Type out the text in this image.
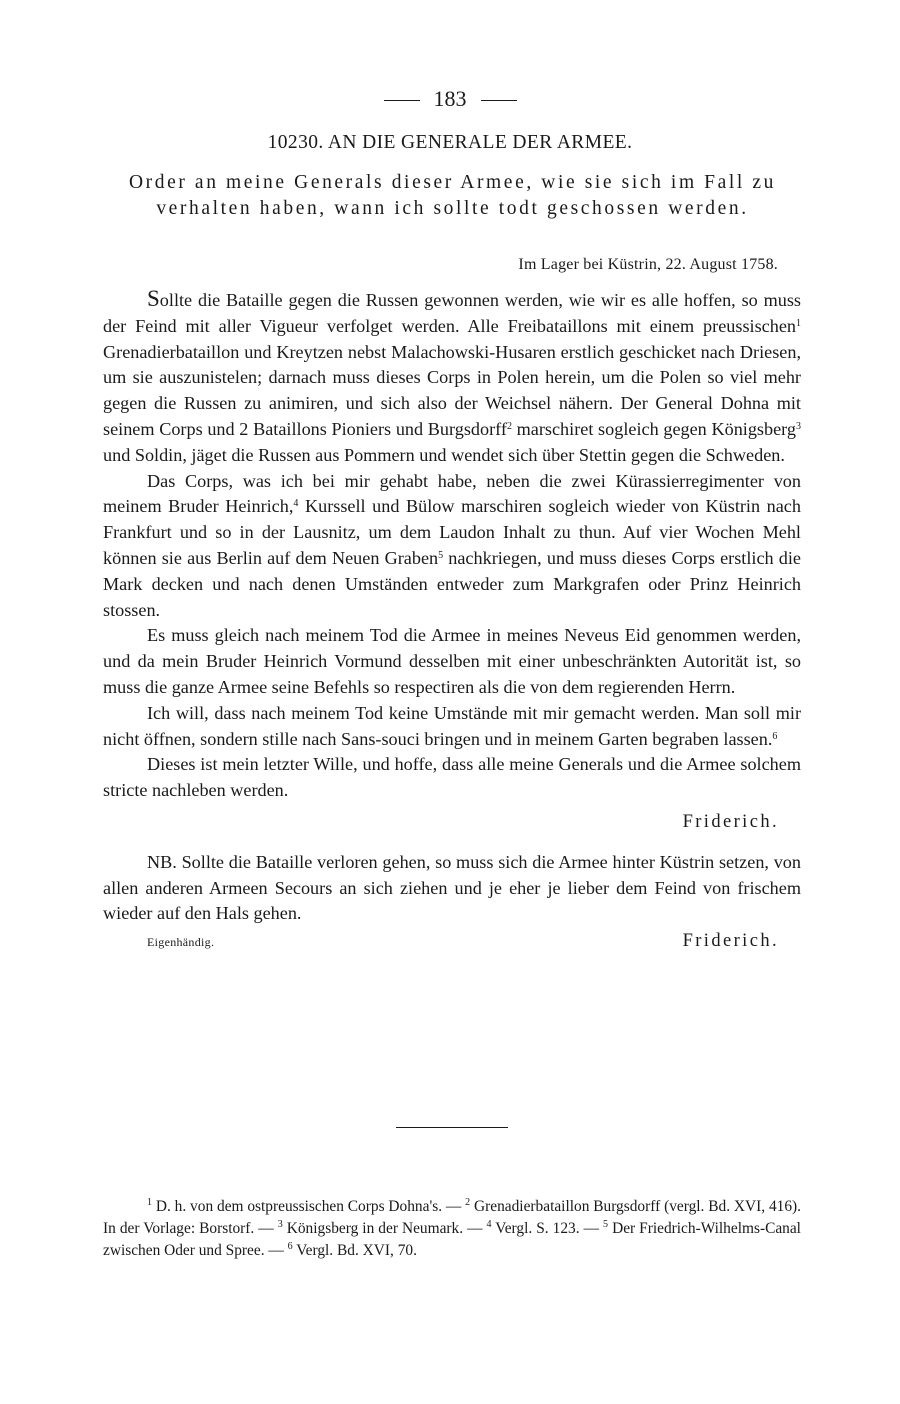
183
10230. AN DIE GENERALE DER ARMEE.
Order an meine Generals dieser Armee, wie sie sich im Fall zu verhalten haben, wann ich sollte todt geschossen werden.
Im Lager bei Küstrin, 22. August 1758.

Sollte die Bataille gegen die Russen gewonnen werden, wie wir es alle hoffen, so muss der Feind mit aller Vigueur verfolget werden. Alle Freibataillons mit einem preussischen$^1$ Grenadierbataillon und Kreytzen nebst Malachowski-Husaren erstlich geschicket nach Driesen, um sie auszunistelen; darnach muss dieses Corps in Polen herein, um die Polen so viel mehr gegen die Russen zu animiren, und sich also der Weichsel nähern. Der General Dohna mit seinem Corps und 2 Bataillons Pioniers und Burgsdorff$^2$ marschiret sogleich gegen Königsberg$^3$ und Soldin, jäget die Russen aus Pommern und wendet sich über Stettin gegen die Schweden.

Das Corps, was ich bei mir gehabt habe, neben die zwei Kürassierregimenter von meinem Bruder Heinrich,$^4$ Kurssell und Bülow marschiren sogleich wieder von Küstrin nach Frankfurt und so in der Lausnitz, um dem Laudon Inhalt zu thun. Auf vier Wochen Mehl können sie aus Berlin auf dem Neuen Graben$^5$ nachkriegen, und muss dieses Corps erstlich die Mark decken und nach denen Umständen entweder zum Markgrafen oder Prinz Heinrich stossen.

Es muss gleich nach meinem Tod die Armee in meines Neveus Eid genommen werden, und da mein Bruder Heinrich Vormund desselben mit einer unbeschränkten Autorität ist, so muss die ganze Armee seine Befehls so respectiren als die von dem regierenden Herrn.

Ich will, dass nach meinem Tod keine Umstände mit mir gemacht werden. Man soll mir nicht öffnen, sondern stille nach Sans-souci bringen und in meinem Garten begraben lassen.$^6$

Dieses ist mein letzter Wille, und hoffe, dass alle meine Generals und die Armee solchem stricte nachleben werden.

Friderich.

NB. Sollte die Bataille verloren gehen, so muss sich die Armee hinter Küstrin setzen, von allen anderen Armeen Secours an sich ziehen und je eher je lieber dem Feind von frischem wieder auf den Hals gehen.

Eigenhändig.	Friderich.

$^1$ D. h. von dem ostpreussischen Corps Dohna's. — $^2$ Grenadierbataillon Burgsdorff (vergl. Bd. XVI, 416). In der Vorlage: Borstorf. — $^3$ Königsberg in der Neumark. — $^4$ Vergl. S. 123. — $^5$ Der Friedrich-Wilhelms-Canal zwischen Oder und Spree. — $^6$ Vergl. Bd. XVI, 70.
